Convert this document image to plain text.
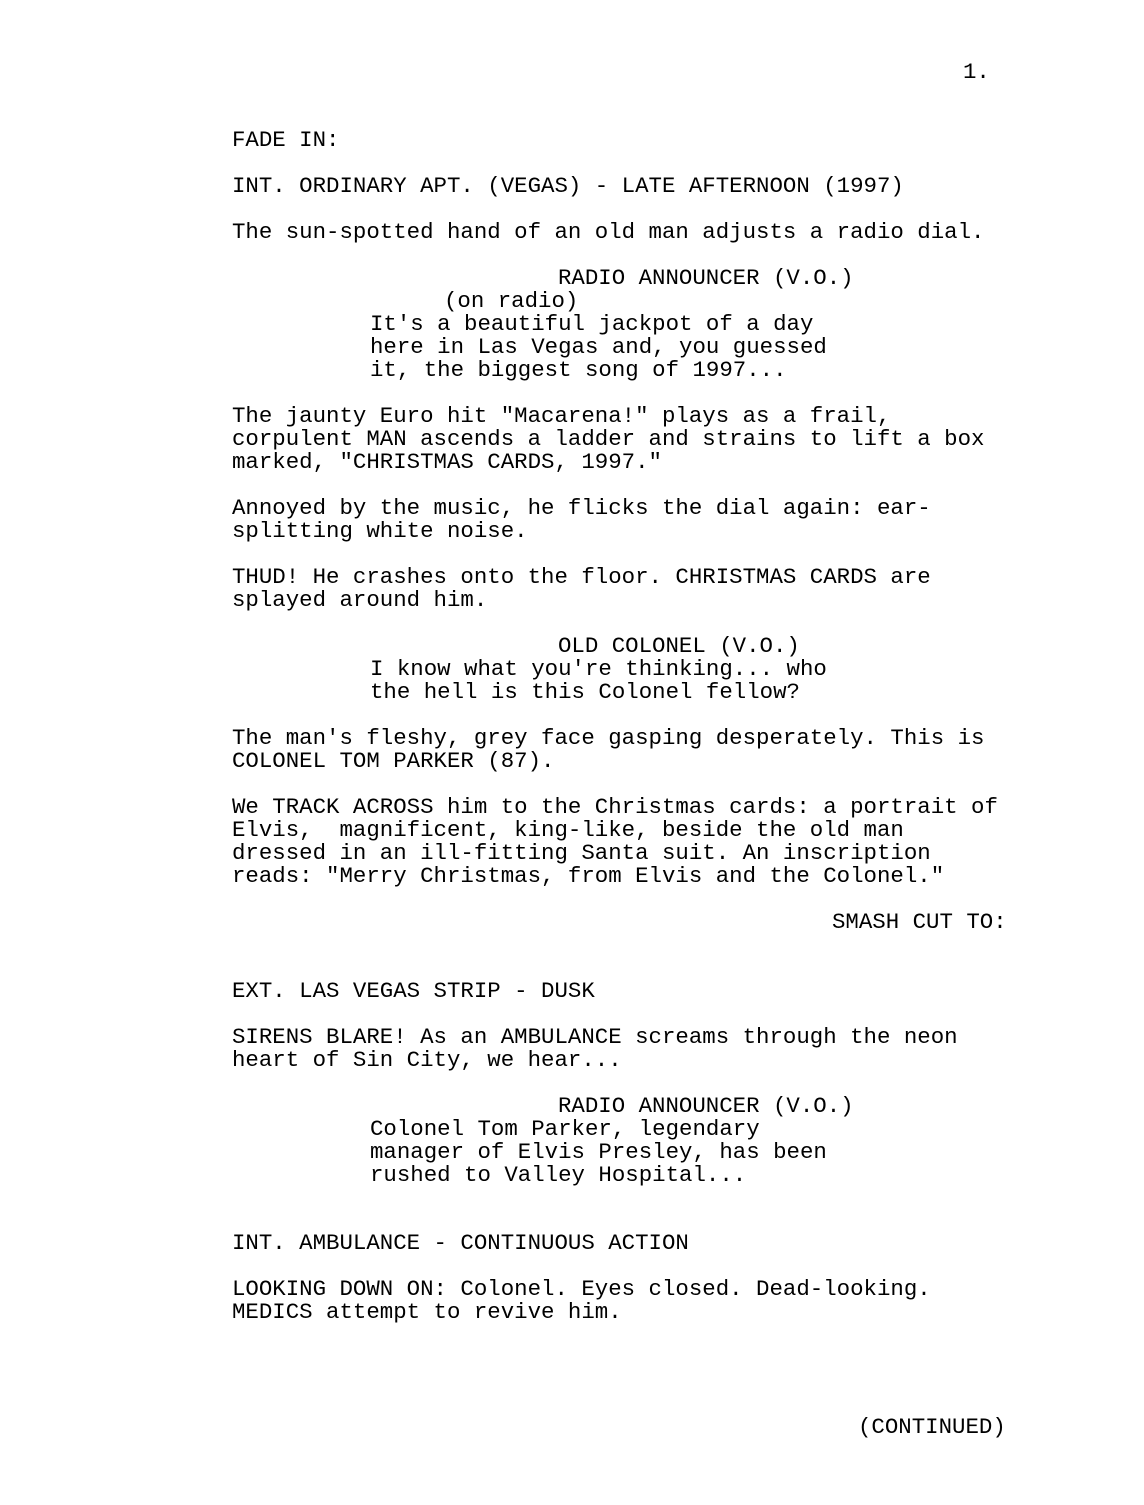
1.
FADE IN:
INT. ORDINARY APT. (VEGAS) - LATE AFTERNOON (1997)
The sun-spotted hand of an old man adjusts a radio dial.
RADIO ANNOUNCER (V.O.)
(on radio)
It's a beautiful jackpot of a day
here in Las Vegas and, you guessed
it, the biggest song of 1997...
The jaunty Euro hit "Macarena!" plays as a frail,
corpulent MAN ascends a ladder and strains to lift a box
marked, "CHRISTMAS CARDS, 1997."
Annoyed by the music, he flicks the dial again: ear-
splitting white noise.
THUD! He crashes onto the floor. CHRISTMAS CARDS are
splayed around him.
OLD COLONEL (V.O.)
I know what you're thinking... who
the hell is this Colonel fellow?
The man's fleshy, grey face gasping desperately. This is
COLONEL TOM PARKER (87).
We TRACK ACROSS him to the Christmas cards: a portrait of
Elvis,  magnificent, king-like, beside the old man
dressed in an ill-fitting Santa suit. An inscription
reads: "Merry Christmas, from Elvis and the Colonel."
SMASH CUT TO:
EXT. LAS VEGAS STRIP - DUSK
SIRENS BLARE! As an AMBULANCE screams through the neon
heart of Sin City, we hear...
RADIO ANNOUNCER (V.O.)
Colonel Tom Parker, legendary
manager of Elvis Presley, has been
rushed to Valley Hospital...
INT. AMBULANCE - CONTINUOUS ACTION
LOOKING DOWN ON: Colonel. Eyes closed. Dead-looking.
MEDICS attempt to revive him.
(CONTINUED)
